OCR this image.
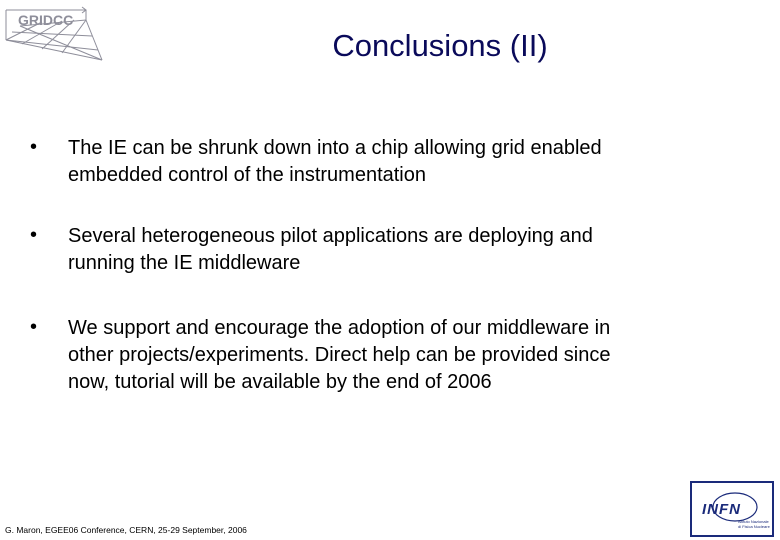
GRIDCC
Conclusions (II)
•	The IE can be shrunk down into a chip allowing grid enabled
embedded control of the instrumentation
•	Several heterogeneous pilot applications are deploying and
running the IE middleware
•	We support and encourage the adoption of our middleware in
other projects/experiments. Direct help can be provided since
now, tutorial will be available by the end of 2006
G. Maron, EGEE06 Conference, CERN, 25-29 September, 2006
INFN
Istituto Nazionale di Fisica Nucleare
